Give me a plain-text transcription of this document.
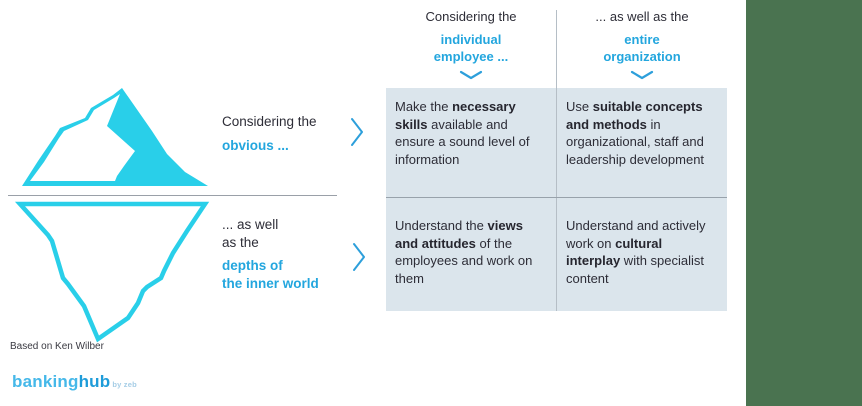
Considering the
obvious ...
... as well
as the
depths of
the inner world
Considering the
individual
employee ...
... as well as the
entire
organization
Make the necessary skills available and ensure a sound level of information
Use suitable concepts and methods in organizational, staff and leadership development
Understand the views and attitudes of the employees and work on them
Understand and actively work on cultural interplay with specialist content
Based on Ken Wilber
bankinghub by zeb
